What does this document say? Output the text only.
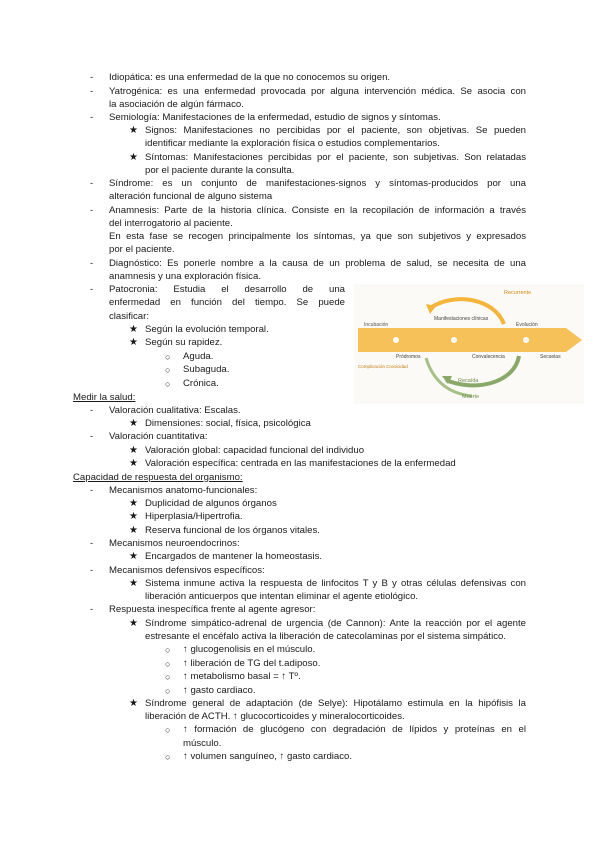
- Idiopática: es una enfermedad de la que no conocemos su origen.
- Yatrogénica: es una enfermedad provocada por alguna intervención médica. Se asocia con
la asociación de algún fármaco.
- Semiología: Manifestaciones de la enfermedad, estudio de signos y síntomas.
★ Signos: Manifestaciones no percibidas por el paciente, son objetivas. Se pueden
identificar mediante la exploración física o estudios complementarios.
★ Síntomas: Manifestaciones percibidas por el paciente, son subjetivas. Son relatadas
por el paciente durante la consulta.
- Síndrome: es un conjunto de manifestaciones-signos y síntomas-producidos por una
alteración funcional de alguno sistema
- Anamnesis: Parte de la historia clínica. Consiste en la recopilación de información a través
del interrogatorio al paciente.
En esta fase se recogen principalmente los síntomas, ya que son subjetivos y expresados
por el paciente.
- Diagnóstico: Es ponerle nombre a la causa de un problema de salud, se necesita de una
anamnesis y una exploración física.
- Patocronia: Estudia el desarrollo de una
enfermedad en función del tiempo. Se puede
clasificar:
★ Según la evolución temporal.
★ Según su rapidez.
○ Aguda.
○ Subaguda.
○ Crónica.
Medir la salud:
- Valoración cualitativa: Escalas.
★ Dimensiones: social, física, psicológica
- Valoración cuantitativa:
★ Valoración global: capacidad funcional del individuo
★ Valoración específica: centrada en las manifestaciones de la enfermedad
Capacidad de respuesta del organismo:
- Mecanismos anatomo-funcionales:
★ Duplicidad de algunos órganos
★ Hiperplasia/Hipertrofia.
★ Reserva funcional de los órganos vitales.
- Mecanismos neuroendocrinos:
★ Encargados de mantener la homeostasis.
- Mecanismos defensivos específicos:
★ Sistema inmune activa la respuesta de linfocitos T y B y otras células defensivas con
liberación anticuerpos que intentan eliminar el agente etiológico.
- Respuesta inespecífica frente al agente agresor:
★ Síndrome simpático-adrenal de urgencia (de Cannon): Ante la reacción por el agente
estresante el encéfalo activa la liberación de catecolaminas por el sistema simpático.
○ ↑ glucogenolisis en el músculo.
○ ↑ liberación de TG del t.adiposo.
○ ↑ metabolismo basal = ↑ Tº.
○ ↑ gasto cardiaco.
★ Síndrome general de adaptación (de Selye): Hipotálamo estimula en la hipófisis la
liberación de ACTH. ↑ glucocorticoides y mineralocorticoides.
○ ↑ formación de glucógeno con degradación de lípidos y proteínas en el
músculo.
○ ↑ volumen sanguíneo, ↑ gasto cardiaco.
Recurrente
Incubación
Manifestaciones clínicas
Evolución
Pródromos	Convalecencia	Secuelas
Complicación Cronicidad
Recaída
Muerte
